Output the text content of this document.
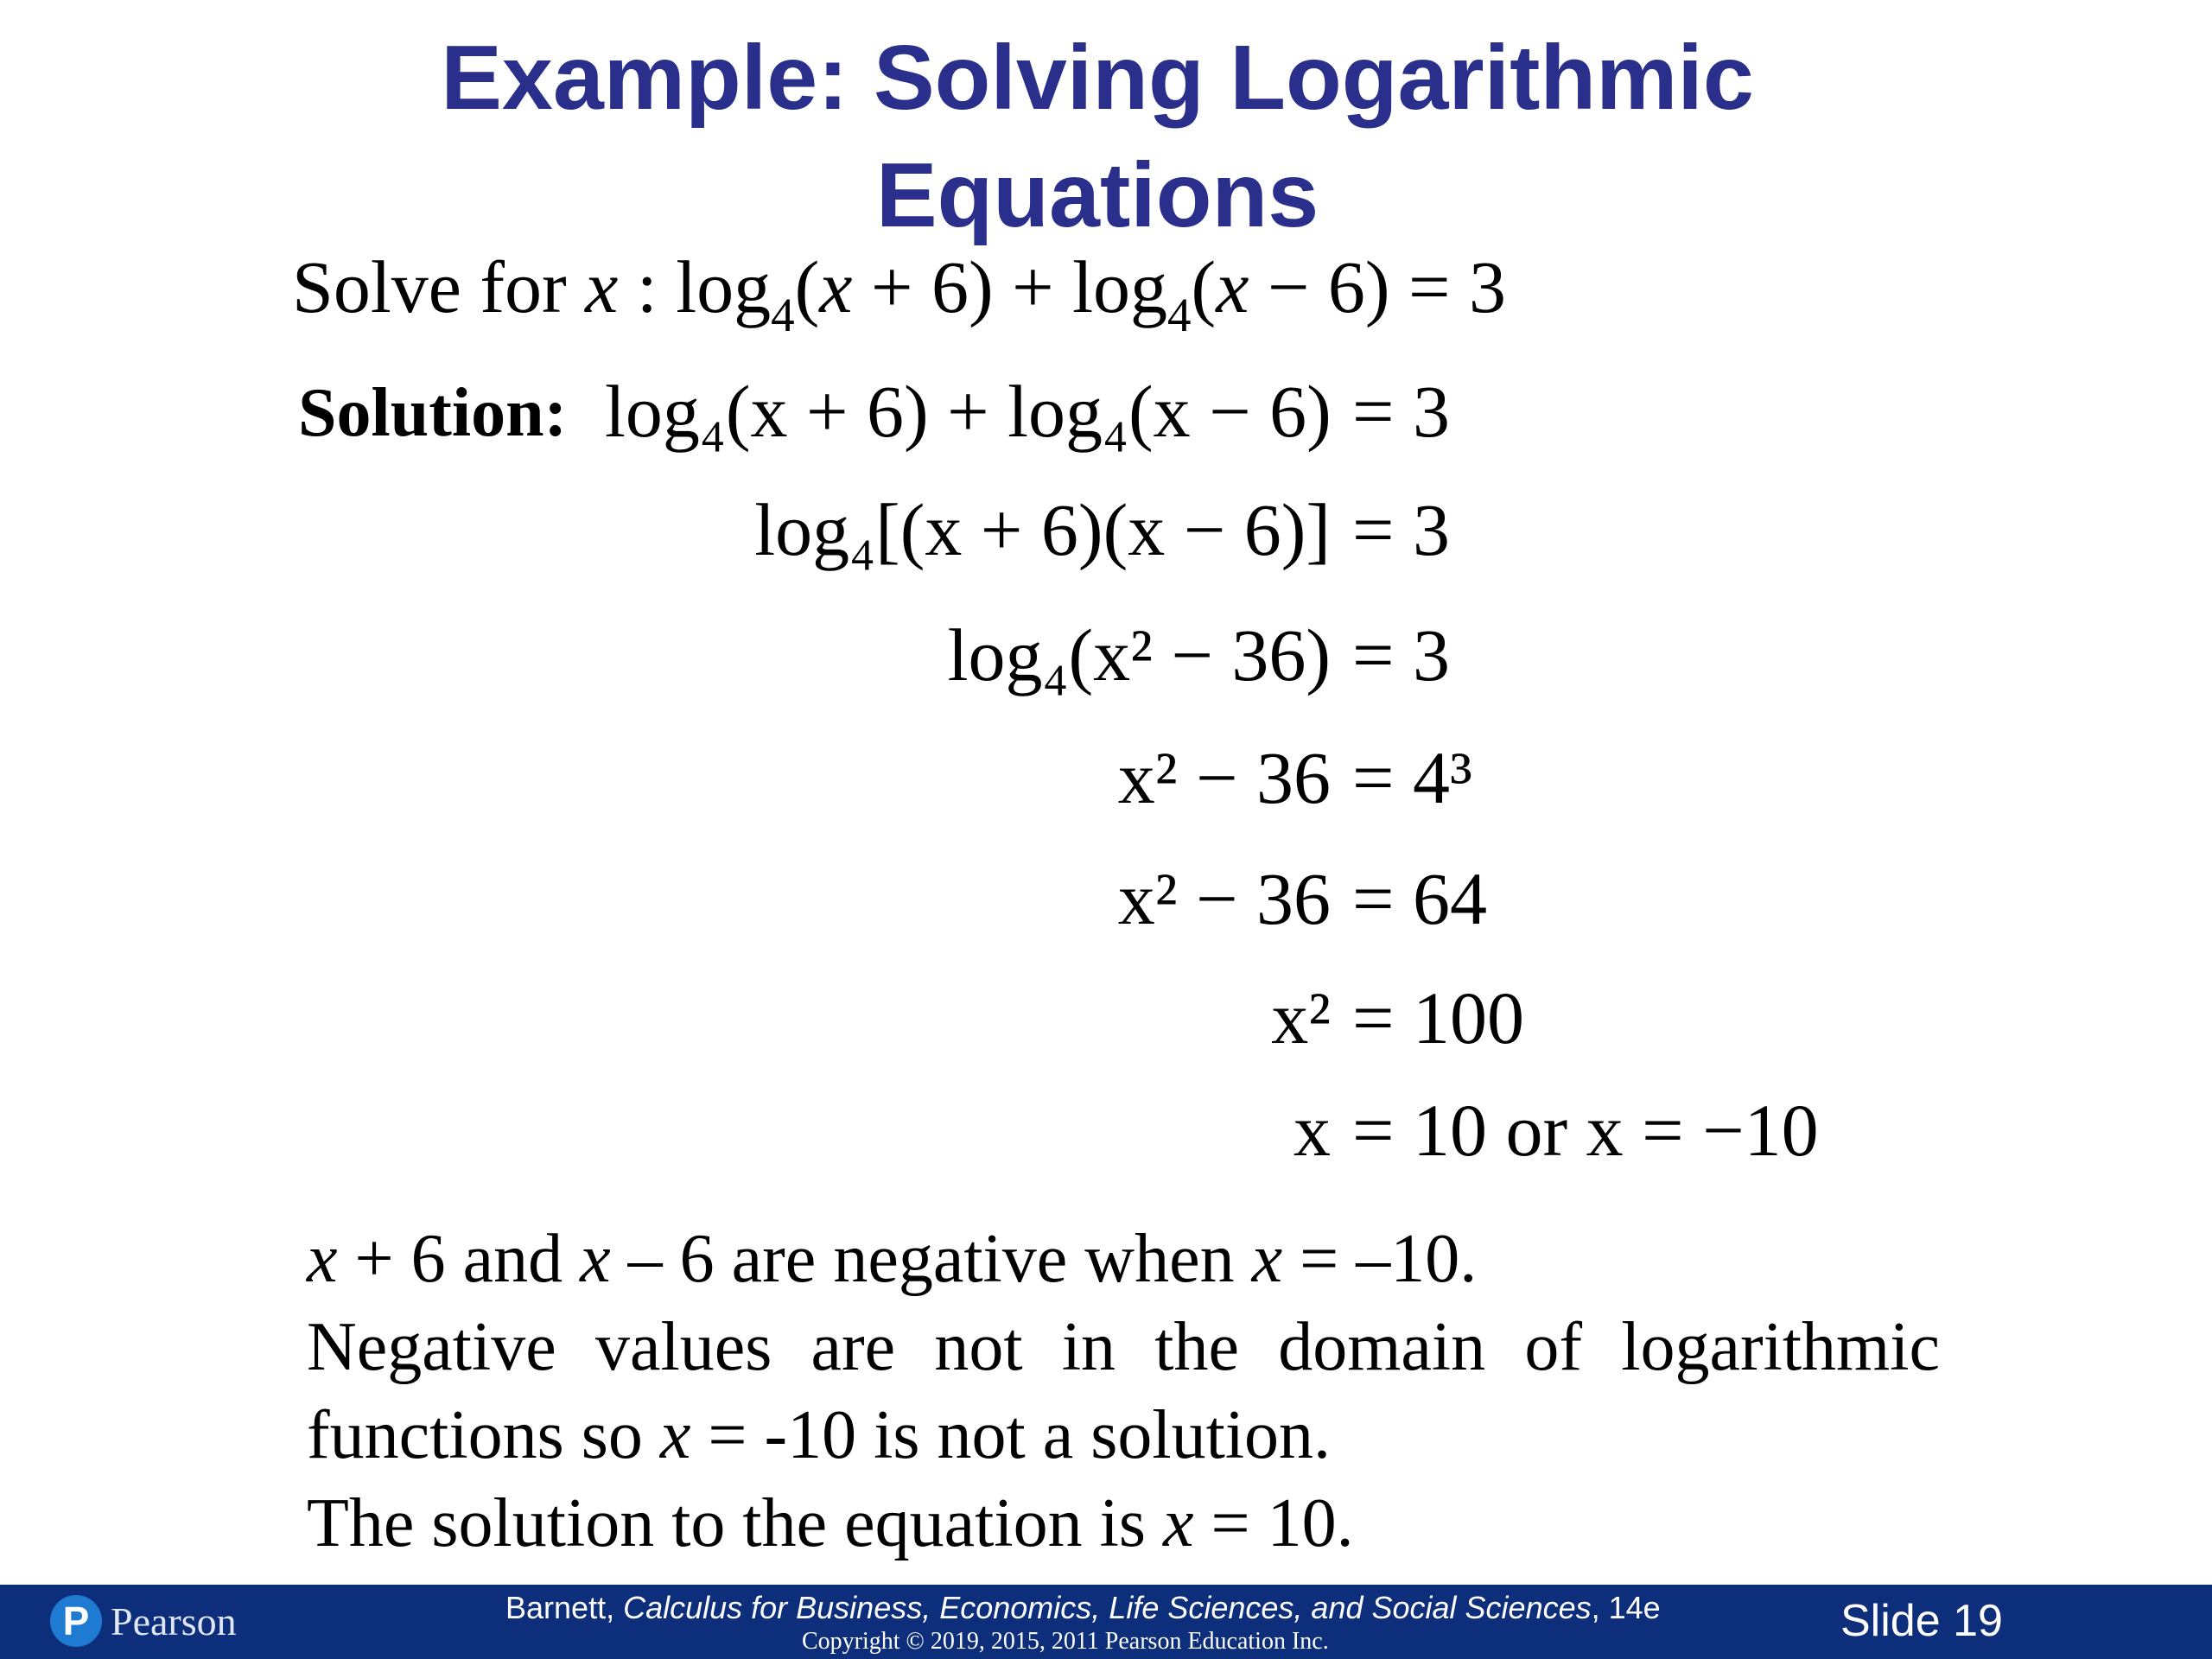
Example: Solving Logarithmic Equations
Solve for x : $\log_4(x + 6) + \log_4(x - 6) = 3$
Solution: log₄(x + 6) + log₄(x − 6) = 3
log₄[(x + 6)(x − 6)] = 3
log₄(x² − 36) = 3
x² − 36 = 4³
x² − 36 = 64
x² = 100
x = 10 or x = −10
x + 6 and x – 6 are negative when x = –10.
Negative values are not in the domain of logarithmic
functions so x = -10 is not a solution.
The solution to the equation is x = 10.
P Pearson	Barnett, Calculus for Business, Economics, Life Sciences, and Social Sciences, 14e
Copyright © 2019, 2015, 2011 Pearson Education Inc.	Slide 19
